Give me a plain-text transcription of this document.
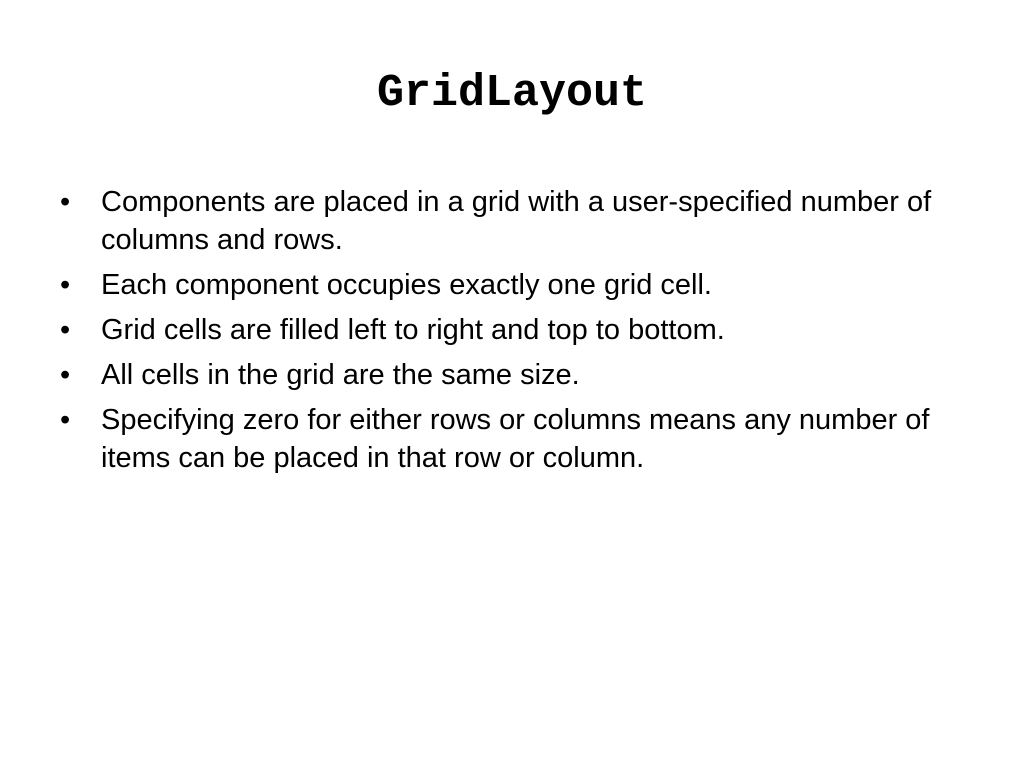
GridLayout
•	Components are placed in a grid with a user-specified number of columns and rows.
•	Each component occupies exactly one grid cell.
•	Grid cells are filled left to right and top to bottom.
•	All cells in the grid are the same size.
•	Specifying zero for either rows or columns means any number of items can be placed in that row or column.
